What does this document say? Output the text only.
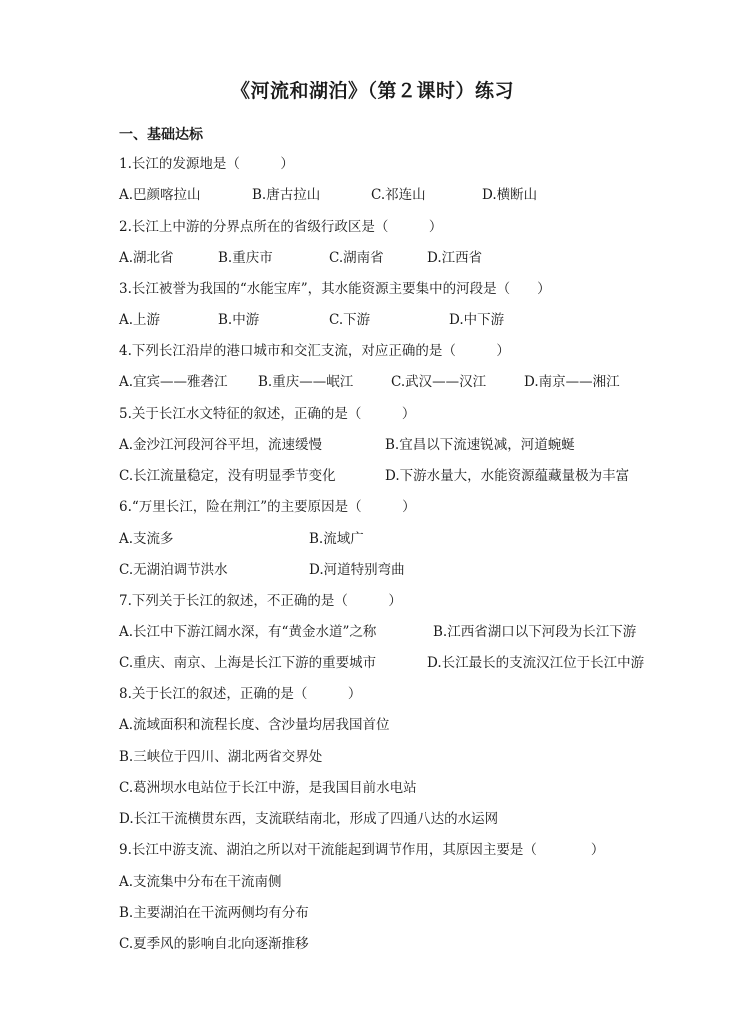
《河流和湖泊》（第２课时）练习
一、基础达标
1.长江的发源地是（　　　）
A.巴颜喀拉山	B.唐古拉山	C.祁连山	D.横断山
2.长江上中游的分界点所在的省级行政区是（　　　）
A.湖北省	B.重庆市	C.湖南省	D.江西省
3.长江被誉为我国的“水能宝库”，其水能资源主要集中的河段是（　　）
A.上游	B.中游	C.下游	D.中下游
4.下列长江沿岸的港口城市和交汇支流，对应正确的是（　　　）
A.宜宾——雅砻江 B.重庆——岷江	C.武汉——汉江	D.南京——湘江
5.关于长江水文特征的叙述，正确的是（　　　）
A.金沙江河段河谷平坦，流速缓慢	B.宜昌以下流速锐减，河道蜿蜒
C.长江流量稳定，没有明显季节变化	D.下游水量大，水能资源蕴藏量极为丰富
6.“万里长江，险在荆江”的主要原因是（　　　）
A.支流多	B.流域广
C.无湖泊调节洪水	D.河道特别弯曲
7.下列关于长江的叙述，不正确的是（　　　）
A.长江中下游江阔水深，有“黄金水道”之称	B.江西省湖口以下河段为长江下游
C.重庆、南京、上海是长江下游的重要城市	D.长江最长的支流汉江位于长江中游
8.关于长江的叙述，正确的是（　　　）
A.流域面积和流程长度、含沙量均居我国首位
B.三峡位于四川、湖北两省交界处
C.葛洲坝水电站位于长江中游，是我国目前水电站
D.长江干流横贯东西，支流联结南北，形成了四通八达的水运网
9.长江中游支流、湖泊之所以对干流能起到调节作用，其原因主要是（　　　　）
A.支流集中分布在干流南侧
B.主要湖泊在干流两侧均有分布
C.夏季风的影响自北向逐渐推移
